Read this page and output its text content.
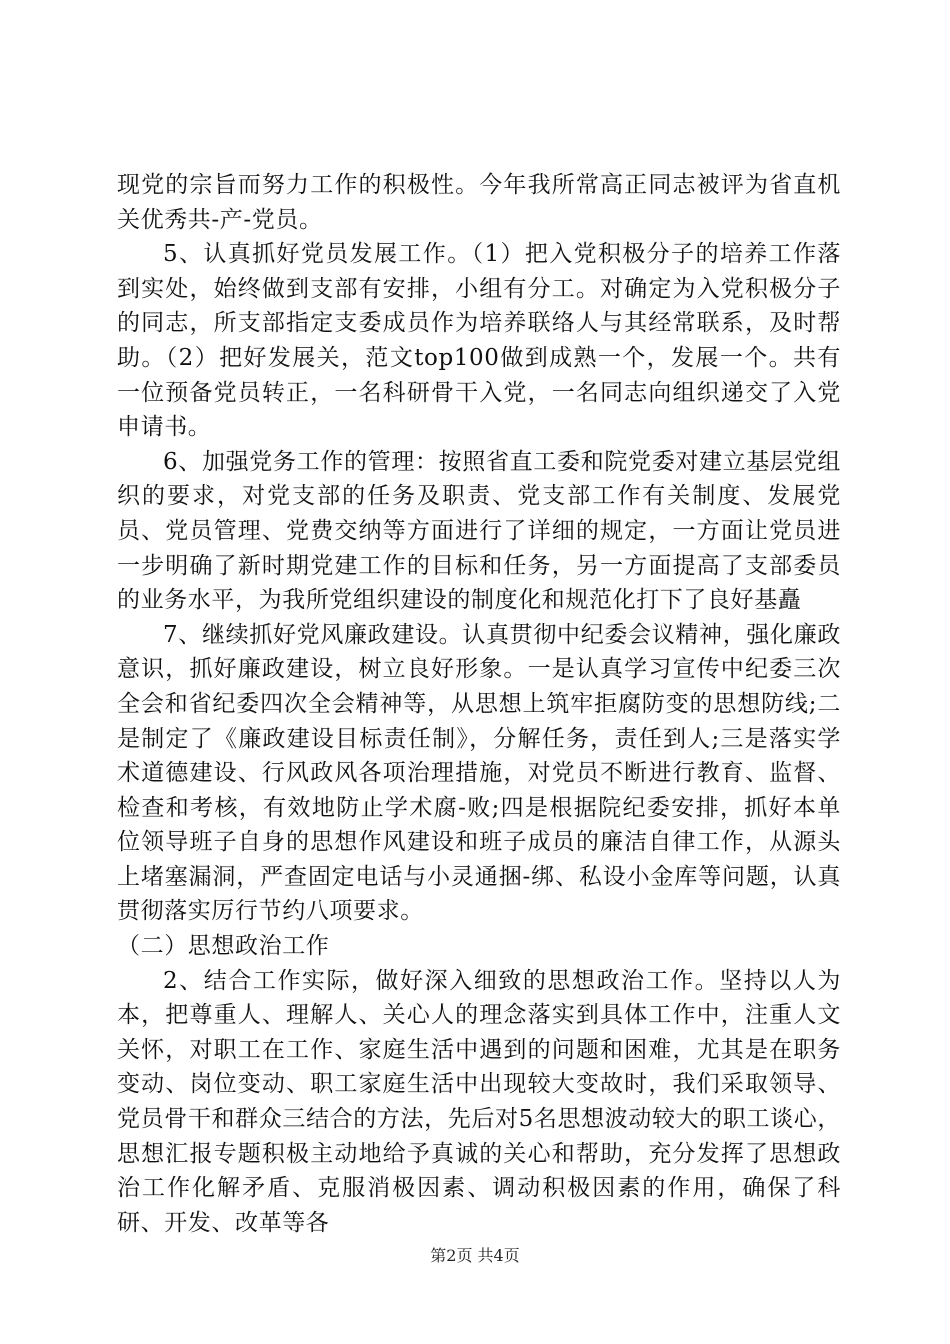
现党的宗旨而努力工作的积极性。今年我所常高正同志被评为省直机关优秀共-产-党员。

5、认真抓好党员发展工作。（1）把入党积极分子的培养工作落到实处，始终做到支部有安排，小组有分工。对确定为入党积极分子的同志，所支部指定支委成员作为培养联络人与其经常联系，及时帮助。（2）把好发展关，范文top100做到成熟一个，发展一个。共有一位预备党员转正，一名科研骨干入党，一名同志向组织递交了入党申请书。

6、加强党务工作的管理：按照省直工委和院党委对建立基层党组织的要求，对党支部的任务及职责、党支部工作有关制度、发展党员、党员管理、党费交纳等方面进行了详细的规定，一方面让党员进一步明确了新时期党建工作的目标和任务，另一方面提高了支部委员的业务水平，为我所党组织建设的制度化和规范化打下了良好基矗

7、继续抓好党风廉政建设。认真贯彻中纪委会议精神，强化廉政意识，抓好廉政建设，树立良好形象。一是认真学习宣传中纪委三次全会和省纪委四次全会精神等，从思想上筑牢拒腐防变的思想防线;二是制定了《廉政建设目标责任制》，分解任务，责任到人;三是落实学术道德建设、行风政风各项治理措施，对党员不断进行教育、监督、检查和考核，有效地防止学术腐-败;四是根据院纪委安排，抓好本单位领导班子自身的思想作风建设和班子成员的廉洁自律工作，从源头上堵塞漏洞，严查固定电话与小灵通捆-绑、私设小金库等问题，认真贯彻落实厉行节约八项要求。

（二）思想政治工作

2、结合工作实际，做好深入细致的思想政治工作。坚持以人为本，把尊重人、理解人、关心人的理念落实到具体工作中，注重人文关怀，对职工在工作、家庭生活中遇到的问题和困难，尤其是在职务变动、岗位变动、职工家庭生活中出现较大变故时，我们采取领导、党员骨干和群众三结合的方法，先后对5名思想波动较大的职工谈心，思想汇报专题积极主动地给予真诚的关心和帮助，充分发挥了思想政治工作化解矛盾、克服消极因素、调动积极因素的作用，确保了科研、开发、改革等各

第2页 共4页
